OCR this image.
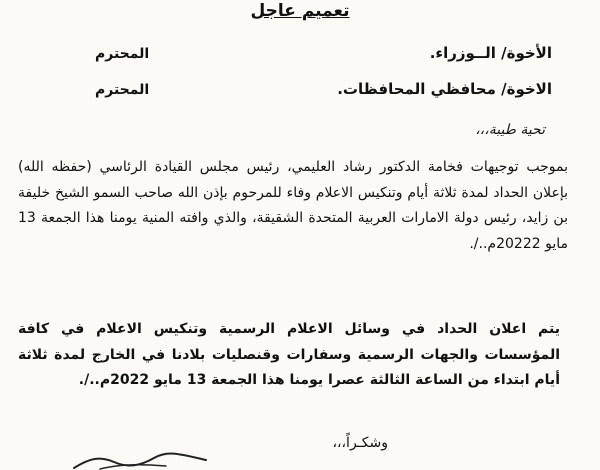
تعميم عاجل
الأخوة/ الــوزراء.
المحترم
الاخوة/ محافظي المحافظات.
المحترم
تحية طيبة،،،
بموجب توجيهات فخامة الدكتور رشاد العليمي، رئيس مجلس القيادة الرئاسي (حفظه الله) بإعلان الحداد لمدة ثلاثة أيام وتنكيس الاعلام وفاء للمرحوم بإذن الله صاحب السمو الشيخ خليفة بن زايد، رئيس دولة الامارات العربية المتحدة الشقيقة، والذي وافته المنية يومنا هذا الجمعة 13 مايو 20222م../.
يتم اعلان الحداد في وسائل الاعلام الرسمية وتنكيس الاعلام في كافة المؤسسات والجهات الرسمية وسفارات وقنصليات بلادنا في الخارج لمدة ثلاثة أيام ابتداء من الساعة الثالثة عصرا يومنا هذا الجمعة 13 مايو 2022م../.
وشكـراً،،،
